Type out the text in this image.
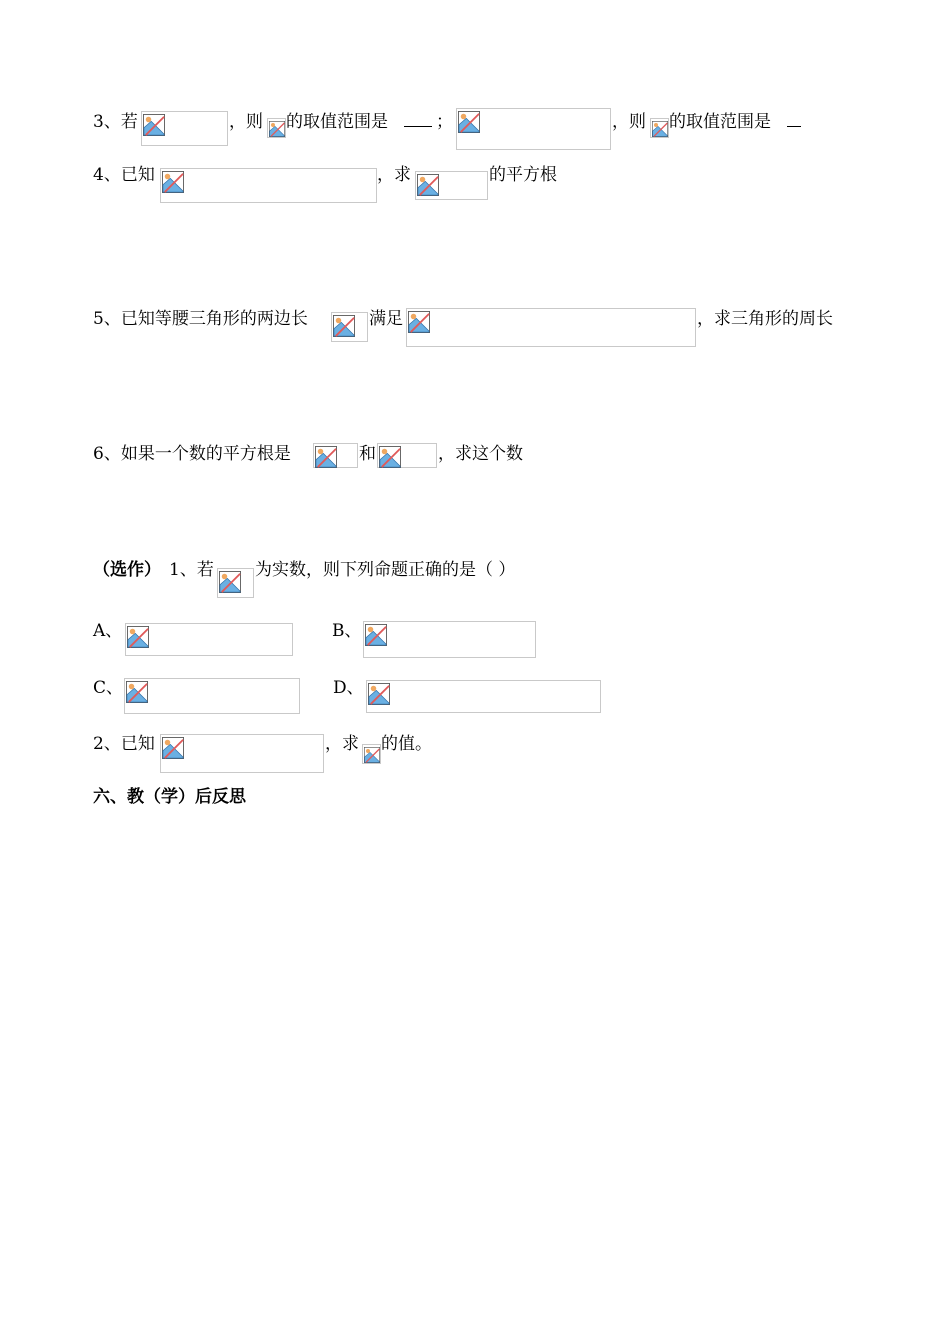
3、若	，则 的取值范围是	；	，则 的取值范围是
4、已知	，求	的平方根
5、已知等腰三角形的两边长	满足	，求三角形的周长
6、如果一个数的平方根是	和	，求这个数
（选作） 1、若 为实数，则下列命题正确的是（ ）
A、	B、
C、	D、
2、已知	，求 的值。
六、教（学）后反思
